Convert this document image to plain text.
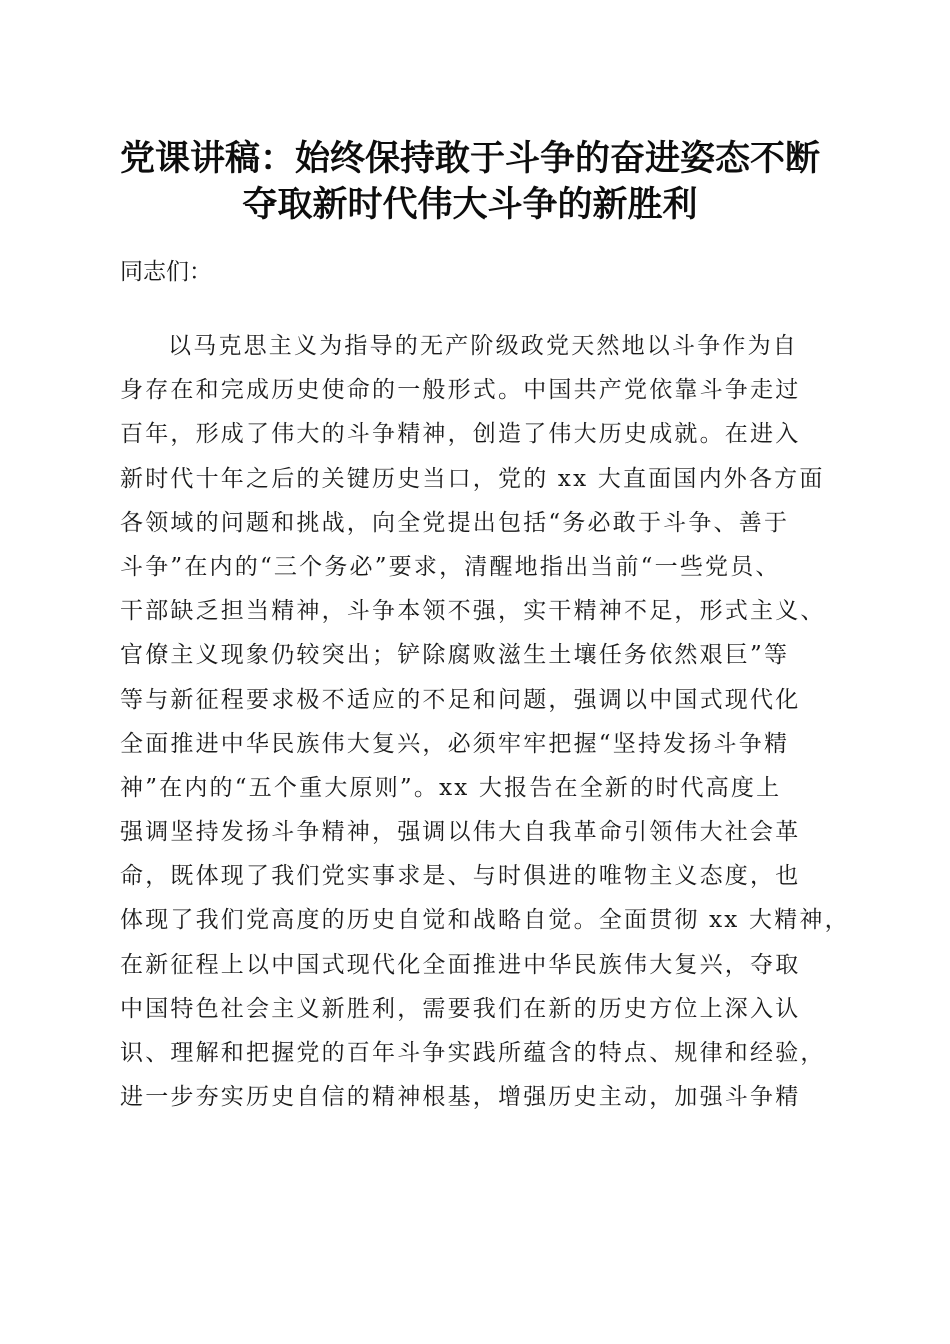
党课讲稿：始终保持敢于斗争的奋进姿态不断
夺取新时代伟大斗争的新胜利
同志们：
以马克思主义为指导的无产阶级政党天然地以斗争作为自
身存在和完成历史使命的一般形式。中国共产党依靠斗争走过
百年，形成了伟大的斗争精神，创造了伟大历史成就。在进入
新时代十年之后的关键历史当口，党的 xx 大直面国内外各方面
各领域的问题和挑战，向全党提出包括“务必敢于斗争、善于
斗争”在内的“三个务必”要求，清醒地指出当前“一些党员、
干部缺乏担当精神，斗争本领不强，实干精神不足，形式主义、
官僚主义现象仍较突出；铲除腐败滋生土壤任务依然艰巨”等
等与新征程要求极不适应的不足和问题，强调以中国式现代化
全面推进中华民族伟大复兴，必须牢牢把握“坚持发扬斗争精
神”在内的“五个重大原则”。xx 大报告在全新的时代高度上
强调坚持发扬斗争精神，强调以伟大自我革命引领伟大社会革
命，既体现了我们党实事求是、与时俱进的唯物主义态度，也
体现了我们党高度的历史自觉和战略自觉。全面贯彻 xx 大精神，
在新征程上以中国式现代化全面推进中华民族伟大复兴，夺取
中国特色社会主义新胜利，需要我们在新的历史方位上深入认
识、理解和把握党的百年斗争实践所蕴含的特点、规律和经验，
进一步夯实历史自信的精神根基，增强历史主动，加强斗争精
